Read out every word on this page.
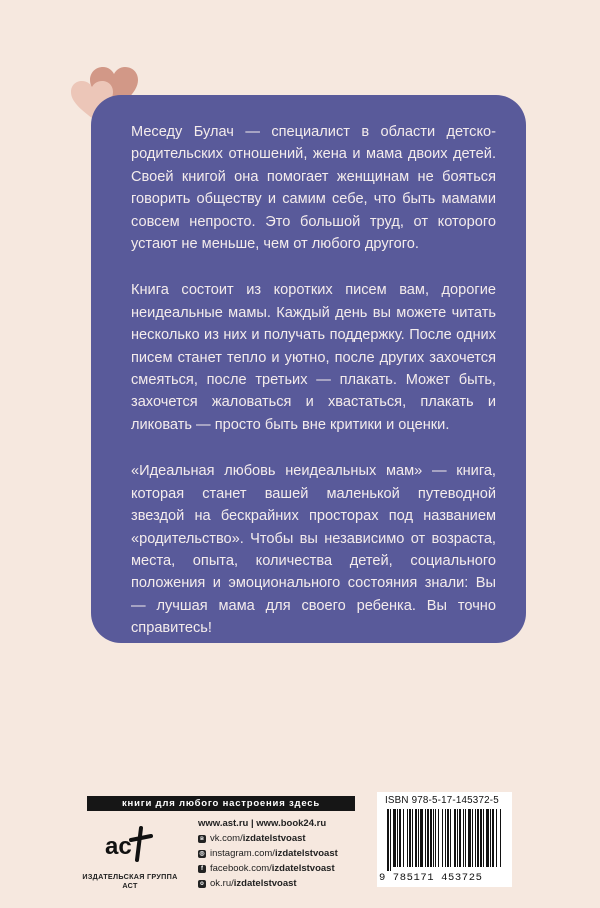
Меседу Булач — специалист в области детско-родительских отношений, жена и мама двоих детей. Своей книгой она помогает женщинам не бояться говорить обществу и самим себе, что быть мамами совсем непросто. Это большой труд, от которого устают не меньше, чем от любого другого.

Книга состоит из коротких писем вам, дорогие неидеальные мамы. Каждый день вы можете читать несколько из них и получать поддержку. После одних писем станет тепло и уютно, после других захочется смеяться, после третьих — плакать. Может быть, захочется жаловаться и хвастаться, плакать и ликовать — просто быть вне критики и оценки.

«Идеальная любовь неидеальных мам» — книга, которая станет вашей маленькой путеводной звездой на бескрайних просторах под названием «родительство». Чтобы вы независимо от возраста, места, опыта, количества детей, социального положения и эмоционального состояния знали: Вы — лучшая мама для своего ребенка. Вы точно справитесь!

книги для любого настроения здесь
ac
ИЗДАТЕЛЬСКАЯ ГРУППА АСТ
www.ast.ru | www.book24.ru
в vk.com/ izdatelstvoast
◎ instagram.com/ izdatelstvoast
f facebook.com/ izdatelstvoast
о ok.ru/ izdatelstvoast
ISBN 978-5-17-145372-5
9 785171 453725
